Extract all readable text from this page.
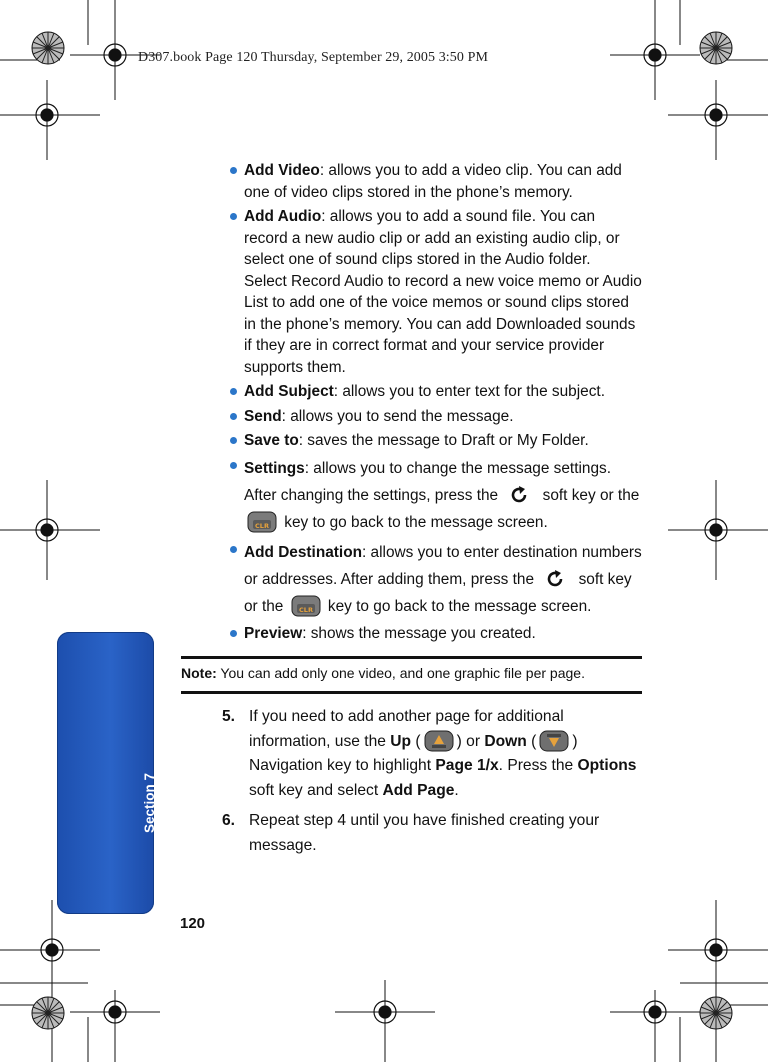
D307.book Page 120 Thursday, September 29, 2005 3:50 PM
Section 7
120
Add Video: allows you to add a video clip. You can add one of video clips stored in the phone’s memory.
Add Audio: allows you to add a sound file. You can record a new audio clip or add an existing audio clip, or select one of sound clips stored in the Audio folder.
Select Record Audio to record a new voice memo or Audio List to add one of the voice memos or sound clips stored in the phone’s memory. You can add Downloaded sounds if they are in correct format and your service provider supports them.
Add Subject: allows you to enter text for the subject.
Send: allows you to send the message.
Save to: saves the message to Draft or My Folder.
Settings: allows you to change the message settings. After changing the settings, press the  soft key or the
CLR key to go back to the message screen.
Add Destination: allows you to enter destination numbers or addresses. After adding them, press the  soft key or the CLR key to go back to the message screen.
Preview: shows the message you created.
Note: You can add only one video, and one graphic file per page.
5. If you need to add another page for additional information, use the Up ( ) or Down ( ) Navigation key to highlight Page 1/x. Press the Options soft key and select Add Page.
6. Repeat step 4 until you have finished creating your message.
